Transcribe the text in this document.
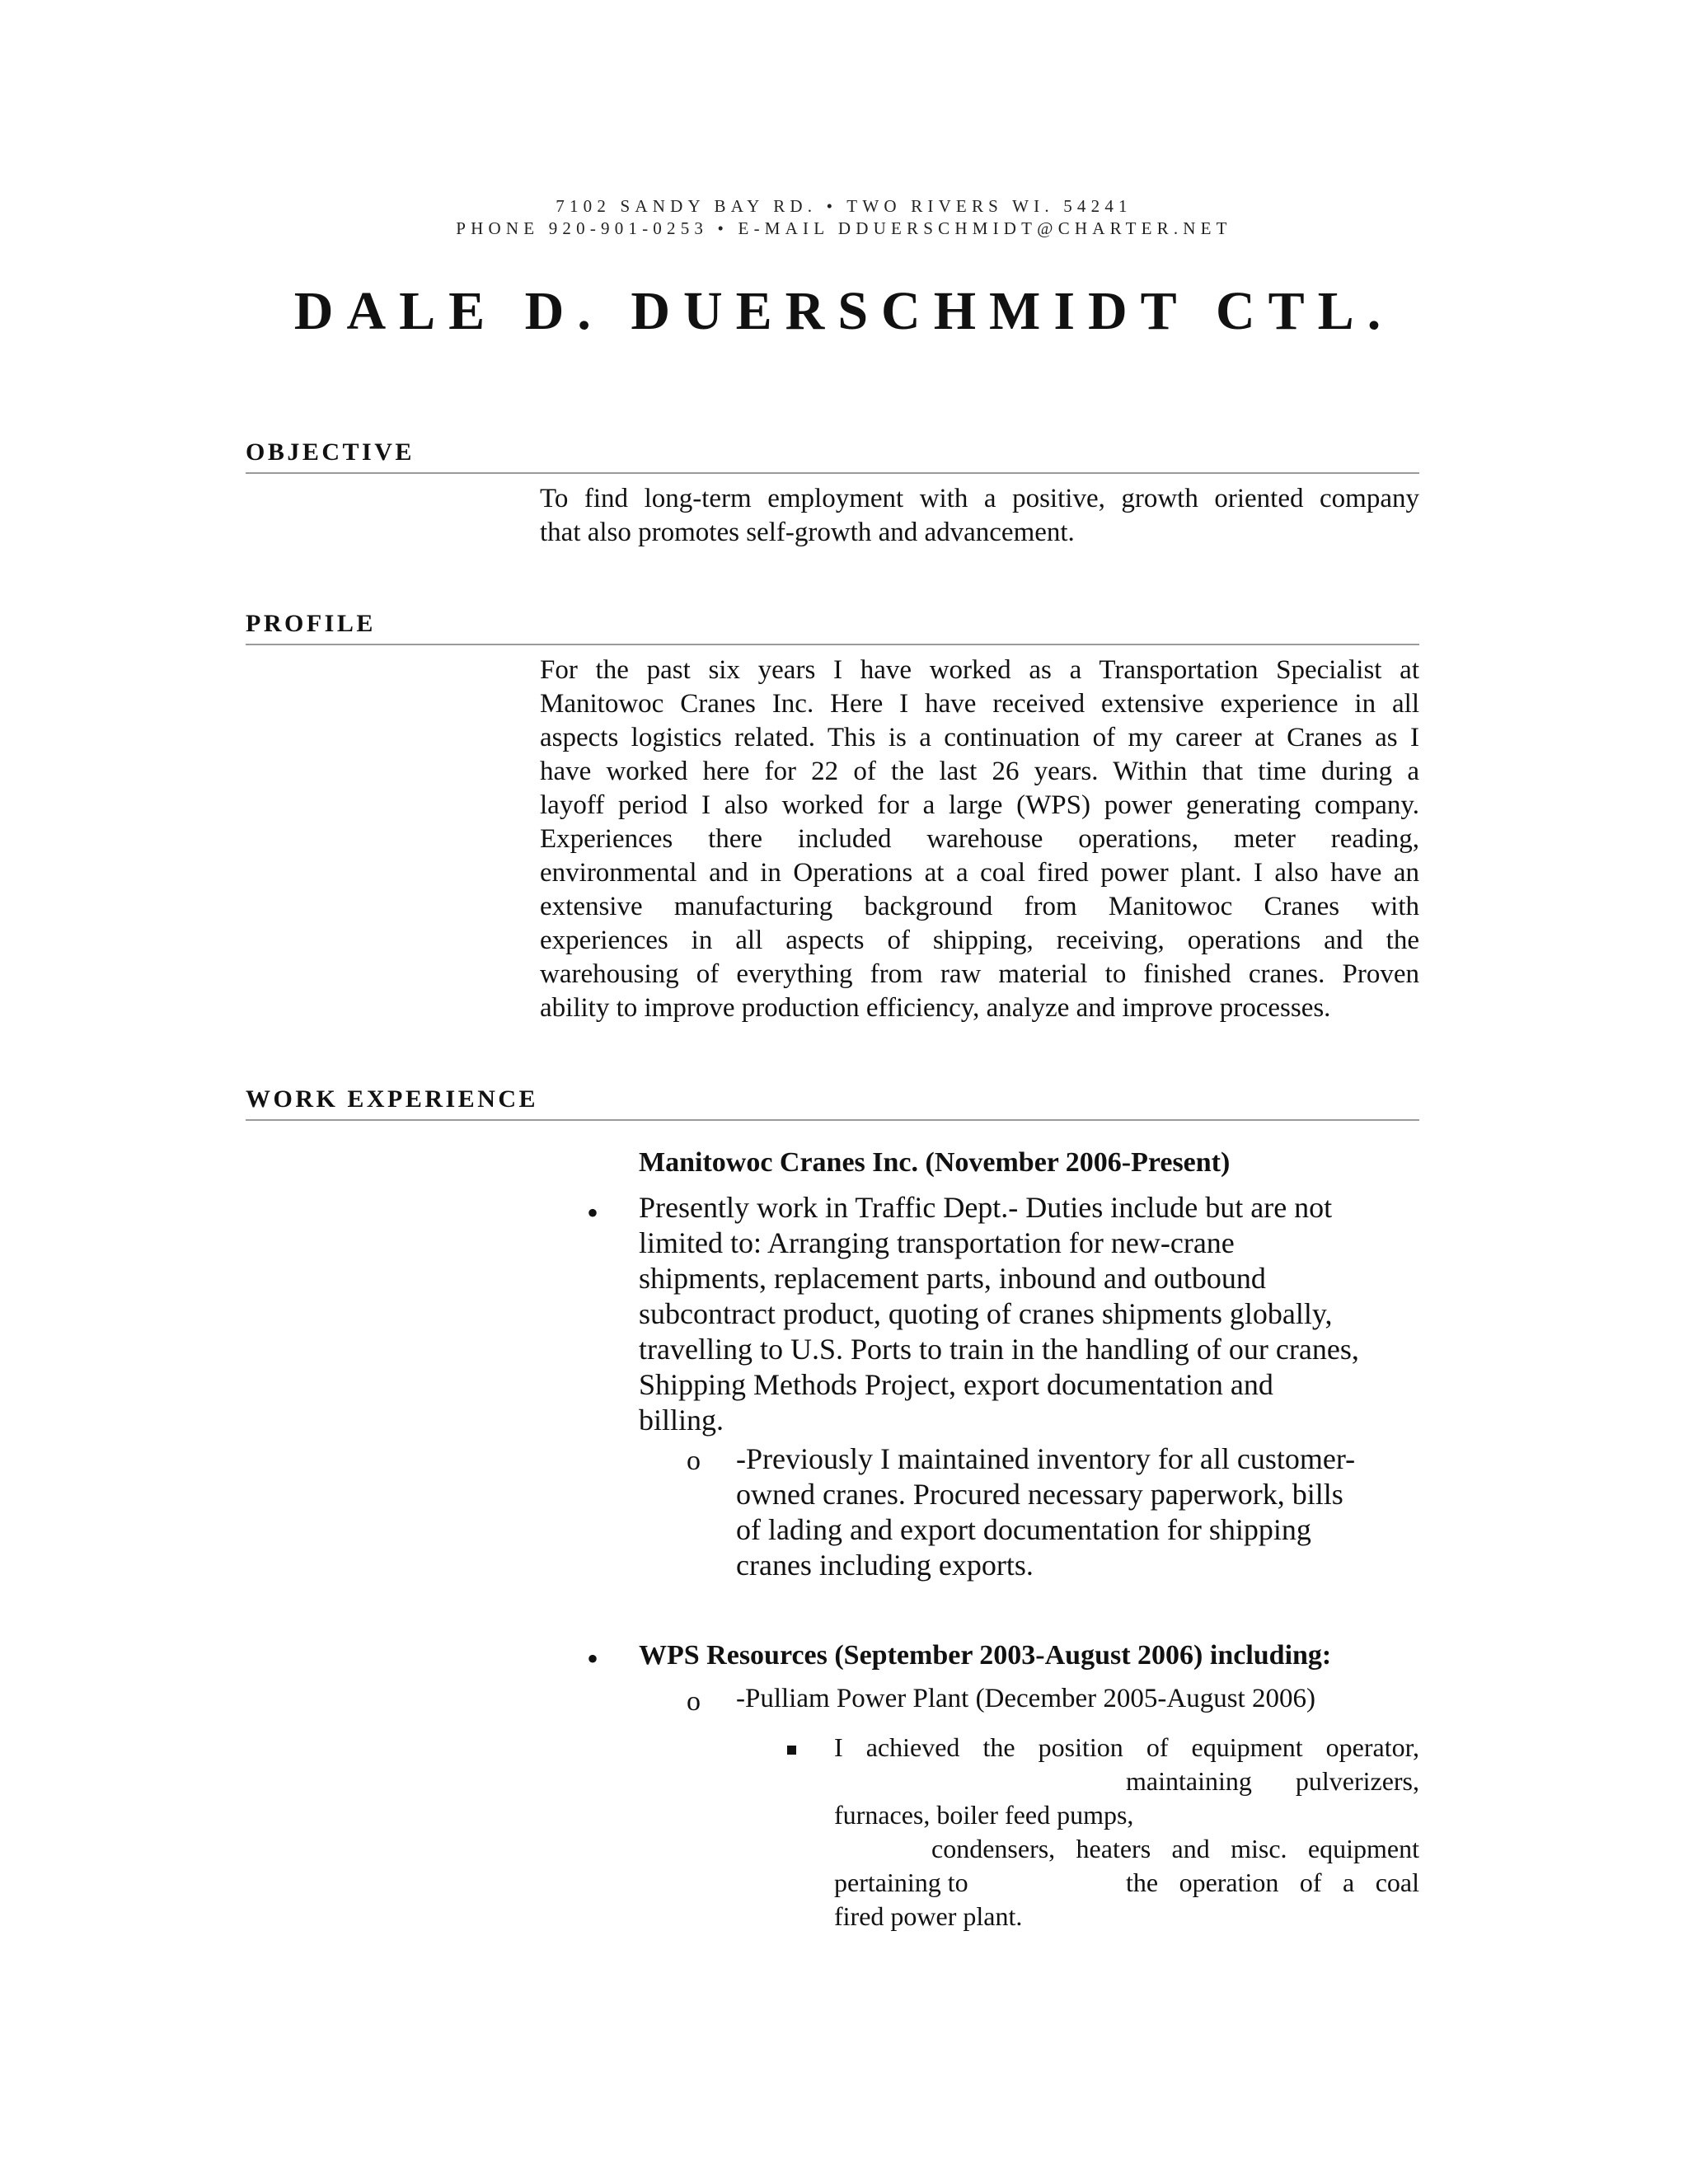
7102 SANDY BAY RD. • TWO RIVERS WI. 54241
PHONE 920-901-0253 • E-MAIL DDUERSCHMIDT@CHARTER.NET
DALE D. DUERSCHMIDT CTL.
OBJECTIVE
To find long-term employment with a positive, growth oriented company
that also promotes self-growth and advancement.
PROFILE
For the past six years I have worked as a Transportation Specialist at
Manitowoc Cranes Inc. Here I have received extensive experience in all
aspects logistics related. This is a continuation of my career at Cranes as I
have worked here for 22 of the last 26 years. Within that time during a
layoff period I also worked for a large (WPS) power generating company.
Experiences there included warehouse operations, meter reading,
environmental and in Operations at a coal fired power plant. I also have an
extensive manufacturing background from Manitowoc Cranes with
experiences in all aspects of shipping, receiving, operations and the
warehousing of everything from raw material to finished cranes. Proven
ability to improve production efficiency, analyze and improve processes.
WORK EXPERIENCE
Manitowoc Cranes Inc. (November 2006-Present)
• Presently work in Traffic Dept.- Duties include but are not
limited to: Arranging transportation for new-crane
shipments, replacement parts, inbound and outbound
subcontract product, quoting of cranes shipments globally,
travelling to U.S. Ports to train in the handling of our cranes,
Shipping Methods Project, export documentation and
billing.
o -Previously I maintained inventory for all customer-
owned cranes. Procured necessary paperwork, bills
of lading and export documentation for shipping
cranes including exports.
• WPS Resources (September 2003-August 2006) including:
o -Pulliam Power Plant (December 2005-August 2006)
I achieved the position of equipment operator,
maintaining pulverizers,
furnaces, boiler feed pumps,
condensers, heaters and misc. equipment
pertaining to	the operation of a coal
fired power plant.
